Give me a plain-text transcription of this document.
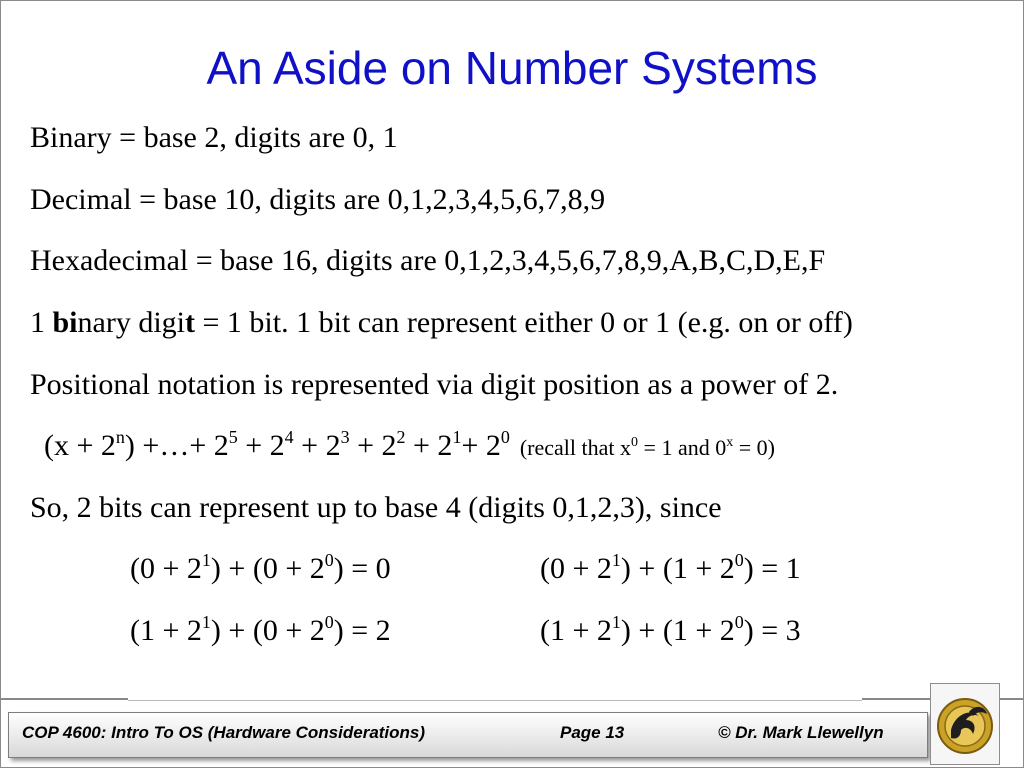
An Aside on Number Systems
Binary = base 2, digits are 0, 1
Decimal = base 10, digits are 0,1,2,3,4,5,6,7,8,9
Hexadecimal = base 16, digits are 0,1,2,3,4,5,6,7,8,9,A,B,C,D,E,F
1 binary digit = 1 bit. 1 bit can represent either 0 or 1 (e.g. on or off)
Positional notation is represented via digit position as a power of 2.
$(x + 2^n)$ +…+ $2^5 + 2^4 + 2^3 + 2^2 + 2^1+ 2^0$ (recall that $x^0 = 1$ and $0^x = 0$)
So, 2 bits can represent up to base 4 (digits 0,1,2,3), since
$(0 + 2^1) + (0 + 2^0) = 0$	$(0 + 2^1) + (1 + 2^0) = 1$
$(1 + 2^1) + (0 + 2^0) = 2$	$(1 + 2^1) + (1 + 2^0) = 3$
COP 4600: Intro To OS (Hardware Considerations)	Page 13	© Dr. Mark Llewellyn
